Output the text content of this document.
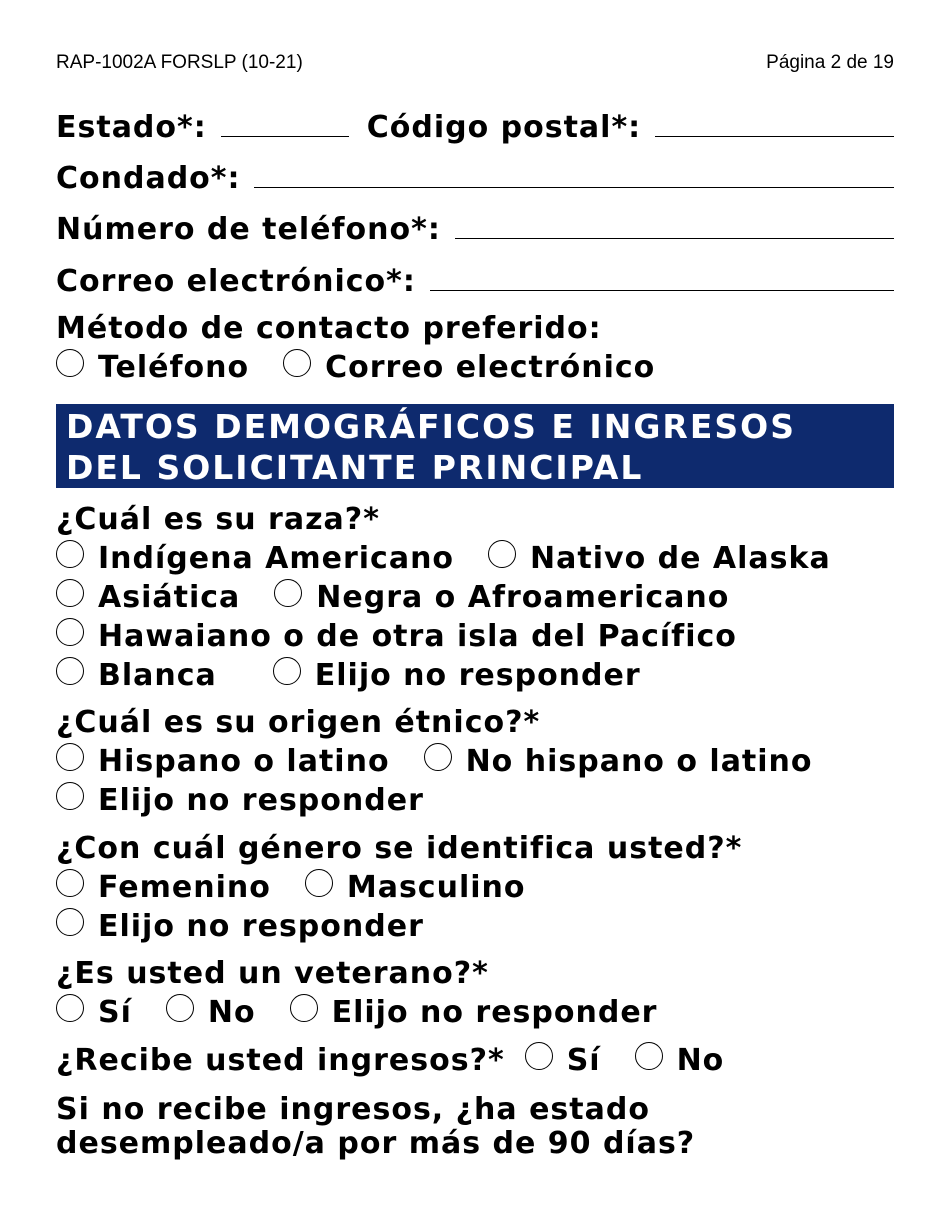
RAP-1002A FORSLP (10-21)	Página 2 de 19
Estado*:	Código postal*:
Condado*:
Número de teléfono*:
Correo electrónico*:
Método de contacto preferido:
Teléfono	Correo electrónico
DATOS DEMOGRÁFICOS E INGRESOS
DEL SOLICITANTE PRINCIPAL
¿Cuál es su raza?*
Indígena Americano	Nativo de Alaska
Asiática	Negra o Afroamericano
Hawaiano o de otra isla del Pacífico
Blanca	Elijo no responder
¿Cuál es su origen étnico?*
Hispano o latino	No hispano o latino
Elijo no responder
¿Con cuál género se identifica usted?*
Femenino	Masculino
Elijo no responder
¿Es usted un veterano?*
Sí	No	Elijo no responder
¿Recibe usted ingresos?* Sí	No
Si no recibe ingresos, ¿ha estado
desempleado/a por más de 90 días?
